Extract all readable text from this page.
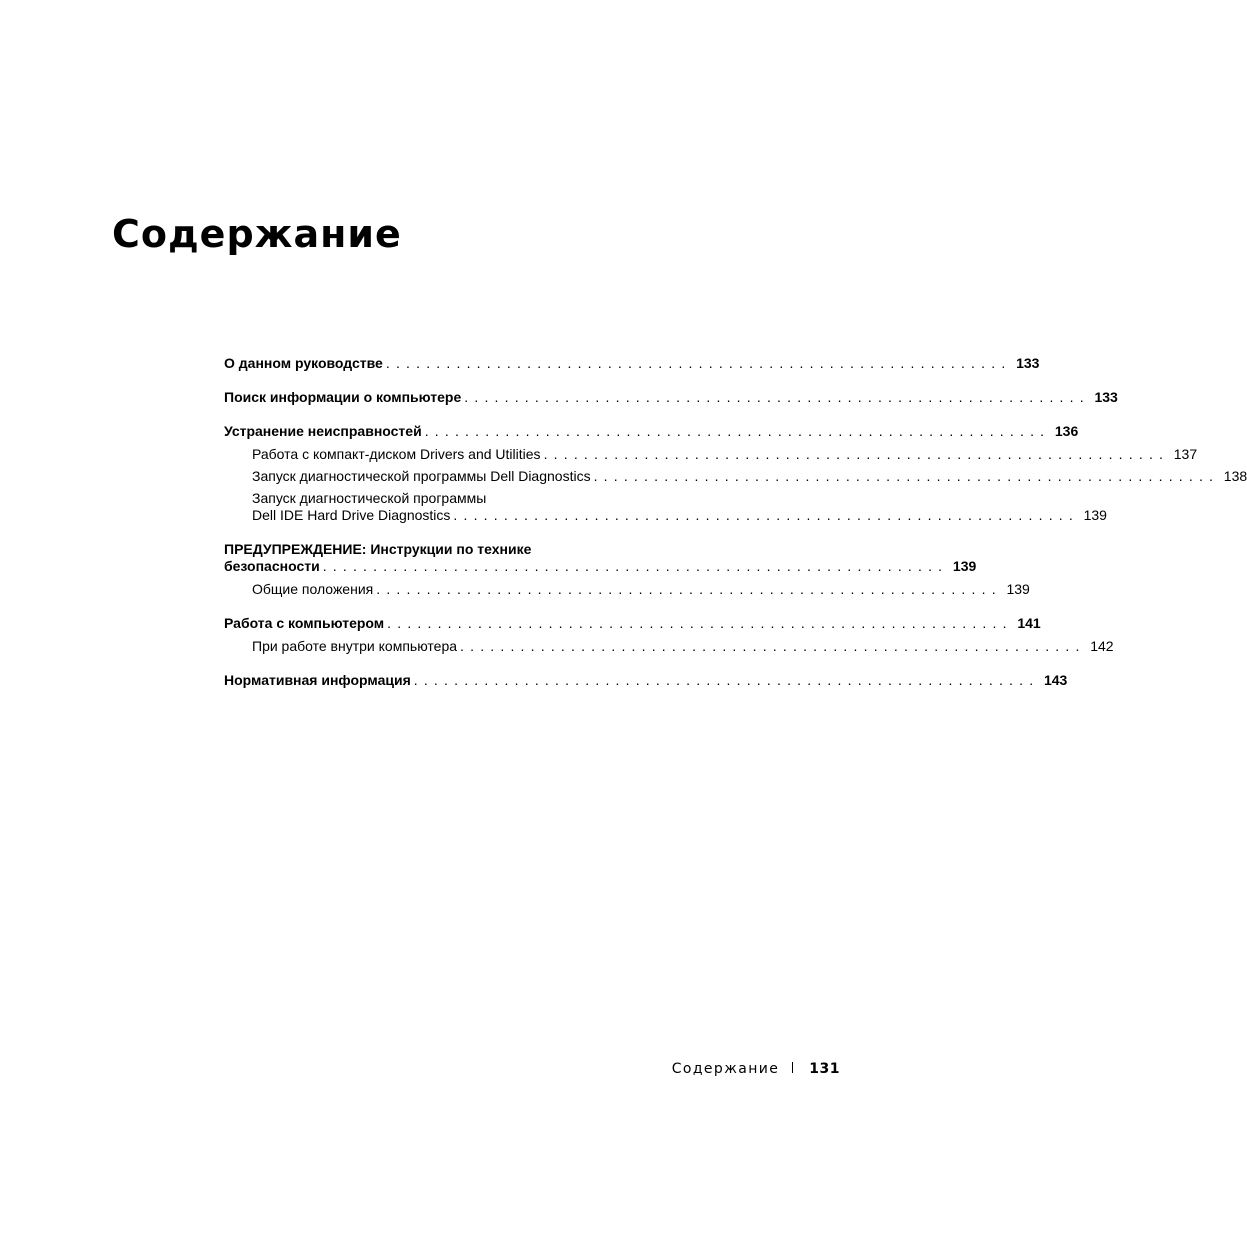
Содержание
О данном руководстве .............................................................. 133
Поиск информации о компьютере .............................................................. 133
Устранение неисправностей .............................................................. 136
Работа с компакт-диском Drivers and Utilities .............................................................. 137
Запуск диагностической программы Dell Diagnostics .............................................................. 138
Запуск диагностической программы
Dell IDE Hard Drive Diagnostics .............................................................. 139
ПРЕДУПРЕЖДЕНИЕ: Инструкции по технике
безопасности .............................................................. 139
Общие положения .............................................................. 139
Работа с компьютером .............................................................. 141
При работе внутри компьютера .............................................................. 142
Нормативная информация .............................................................. 143
Содержание 131
